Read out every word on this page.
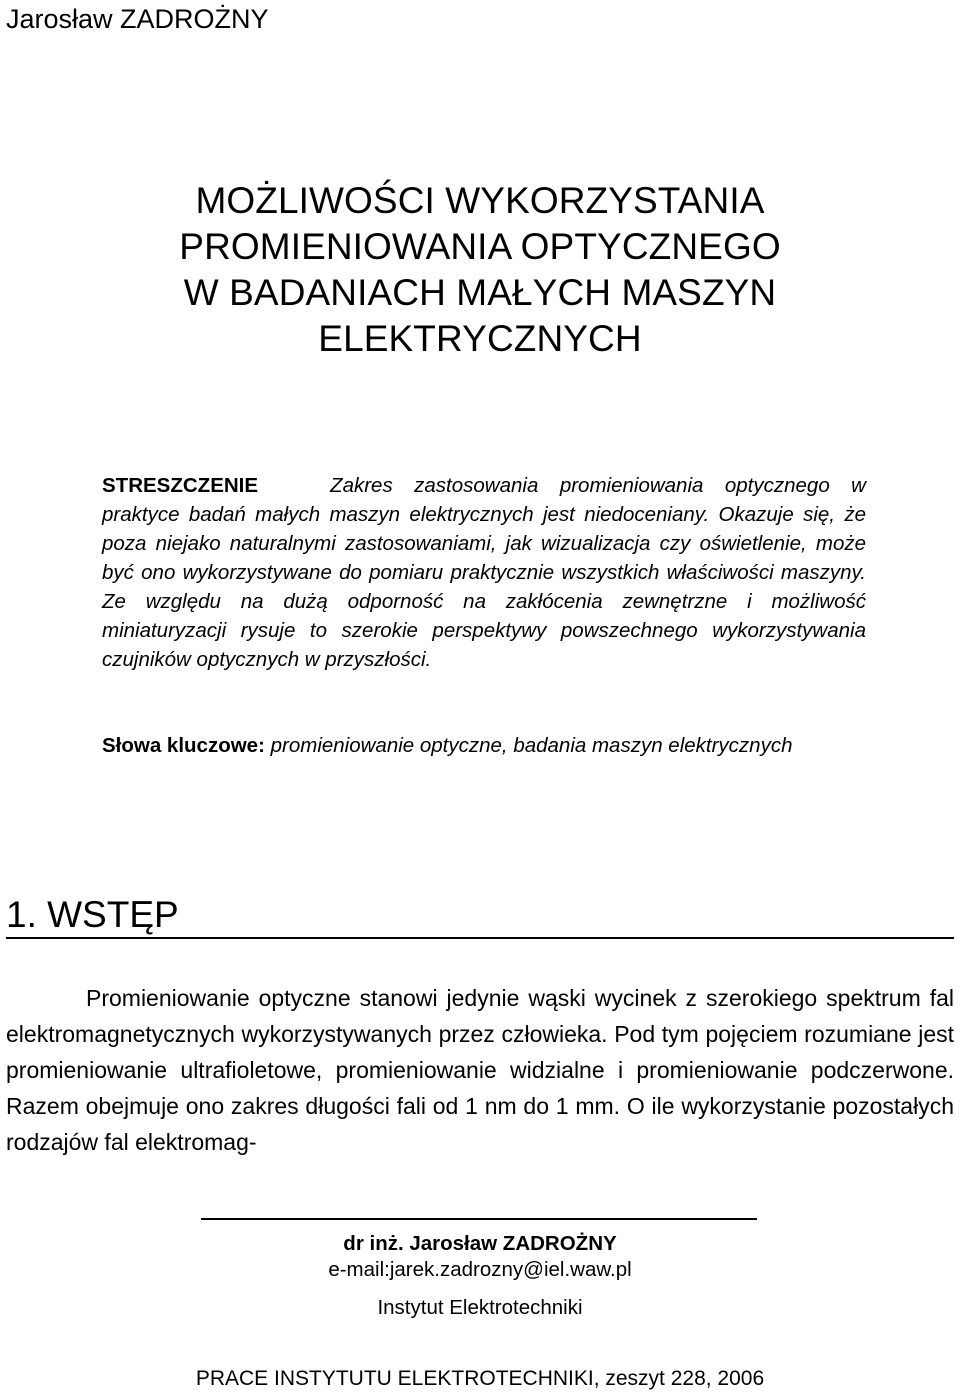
Jarosław ZADROŻNY
MOŻLIWOŚCI WYKORZYSTANIA
PROMIENIOWANIA OPTYCZNEGO
W BADANIACH MAŁYCH MASZYN
ELEKTRYCZNYCH
STRESZCZENIE	Zakres zastosowania promieniowania optycznego w praktyce badań małych maszyn elektrycznych jest niedoceniany. Okazuje się, że poza niejako naturalnymi zastosowaniami, jak wizualizacja czy oświetlenie, może być ono wykorzystywane do pomiaru praktycznie wszystkich właściwości maszyny. Ze względu na dużą odporność na zakłócenia zewnętrzne i możliwość miniaturyzacji rysuje to szerokie perspektywy powszechnego wykorzystywania czujników optycznych w przyszłości.
Słowa kluczowe: promieniowanie optyczne, badania maszyn elektrycznych
1. WSTĘP
Promieniowanie optyczne stanowi jedynie wąski wycinek z szerokiego spektrum fal elektromagnetycznych wykorzystywanych przez człowieka. Pod tym pojęciem rozumiane jest promieniowanie ultrafioletowe, promieniowanie widzialne i promieniowanie podczerwone. Razem obejmuje ono zakres długości fali od 1 nm do 1 mm. O ile wykorzystanie pozostałych rodzajów fal elektromag-
dr inż. Jarosław ZADROŻNY
e-mail:jarek.zadrozny@iel.waw.pl
Instytut Elektrotechniki
PRACE INSTYTUTU ELEKTROTECHNIKI, zeszyt 228, 2006
